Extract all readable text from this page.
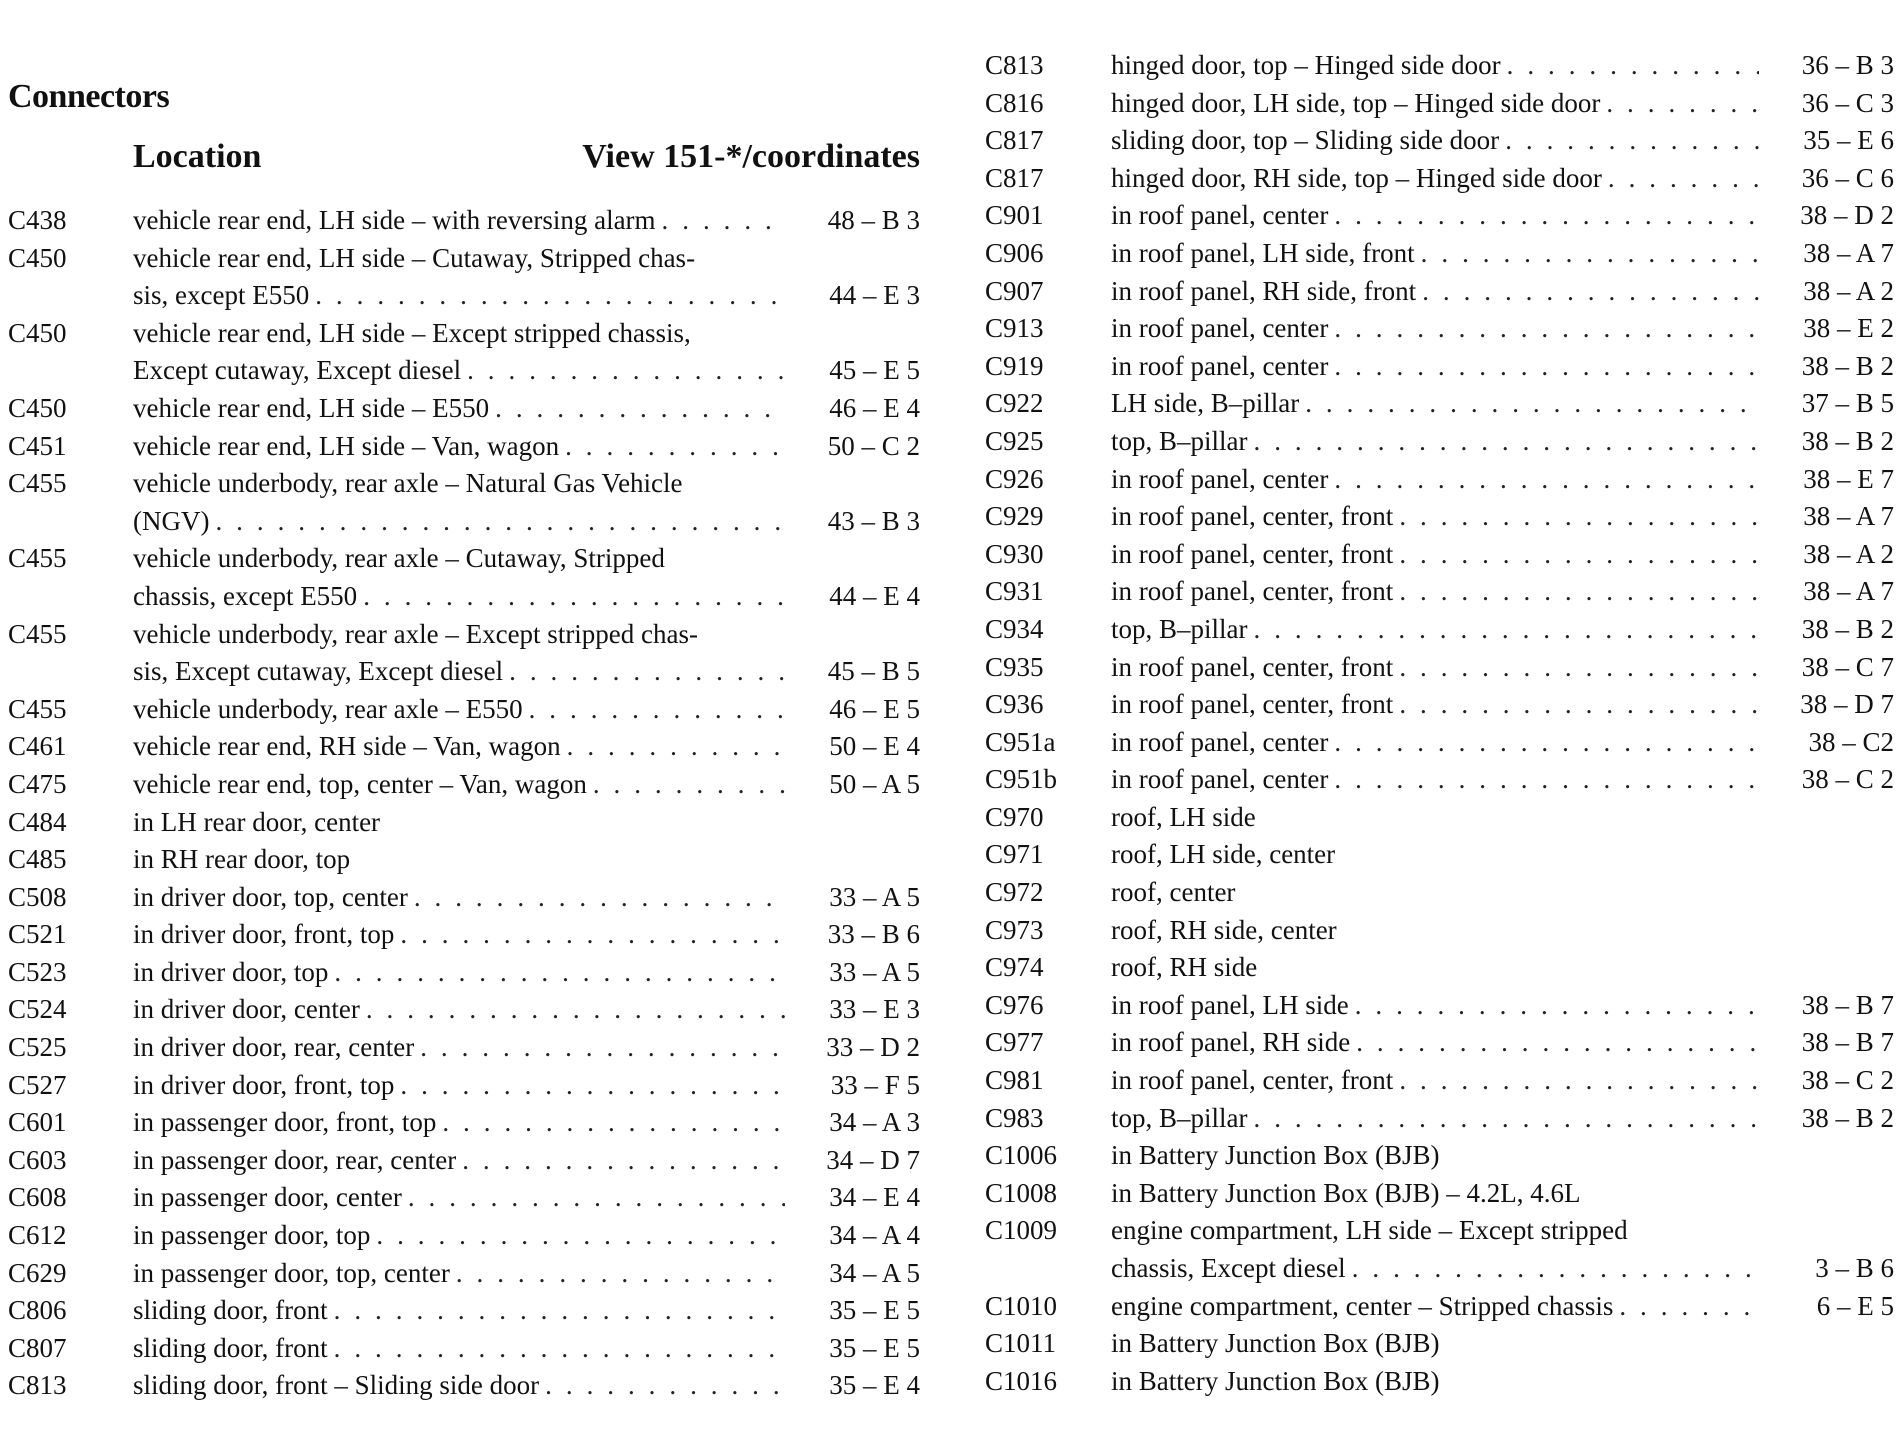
Connectors
Location	View 151-*/coordinates
C438 vehicle rear end, LH side – with reversing alarm . . .	48 – B 3
C450 vehicle rear end, LH side – Cutaway, Stripped chas-
sis, except E550 . . .	44 – E 3
C450 vehicle rear end, LH side – Except stripped chassis,
Except cutaway, Except diesel . . .	45 – E 5
C450 vehicle rear end, LH side – E550 . . .	46 – E 4
C451 vehicle rear end, LH side – Van, wagon . . .	50 – C 2
C455 vehicle underbody, rear axle – Natural Gas Vehicle
(NGV) . . .	43 – B 3
C455 vehicle underbody, rear axle – Cutaway, Stripped
chassis, except E550 . . .	44 – E 4
C455 vehicle underbody, rear axle – Except stripped chas-
sis, Except cutaway, Except diesel . . .	45 – B 5
C455 vehicle underbody, rear axle – E550 . . .	46 – E 5
C461 vehicle rear end, RH side – Van, wagon . . .	50 – E 4
C475 vehicle rear end, top, center – Van, wagon . . .	50 – A 5
C484 in LH rear door, center
C485 in RH rear door, top
C508 in driver door, top, center . . .	33 – A 5
C521 in driver door, front, top . . .	33 – B 6
C523 in driver door, top . . .	33 – A 5
C524 in driver door, center . . .	33 – E 3
C525 in driver door, rear, center . . .	33 – D 2
C527 in driver door, front, top . . .	33 – F 5
C601 in passenger door, front, top . . .	34 – A 3
C603 in passenger door, rear, center . . .	34 – D 7
C608 in passenger door, center . . .	34 – E 4
C612 in passenger door, top . . .	34 – A 4
C629 in passenger door, top, center . . .	34 – A 5
C806 sliding door, front . . .	35 – E 5
C807 sliding door, front . . .	35 – E 5
C813 sliding door, front – Sliding side door . . .	35 – E 4
C813 hinged door, top – Hinged side door . . .	36 – B 3
C816 hinged door, LH side, top – Hinged side door . . .	36 – C 3
C817 sliding door, top – Sliding side door . . .	35 – E 6
C817 hinged door, RH side, top – Hinged side door . . .	36 – C 6
C901 in roof panel, center . . .	38 – D 2
C906 in roof panel, LH side, front . . .	38 – A 7
C907 in roof panel, RH side, front . . .	38 – A 2
C913 in roof panel, center . . .	38 – E 2
C919 in roof panel, center . . .	38 – B 2
C922 LH side, B–pillar . . .	37 – B 5
C925 top, B–pillar . . .	38 – B 2
C926 in roof panel, center . . .	38 – E 7
C929 in roof panel, center, front . . .	38 – A 7
C930 in roof panel, center, front . . .	38 – A 2
C931 in roof panel, center, front . . .	38 – A 7
C934 top, B–pillar . . .	38 – B 2
C935 in roof panel, center, front . . .	38 – C 7
C936 in roof panel, center, front . . .	38 – D 7
C951a in roof panel, center . . .	38 – C2
C951b in roof panel, center . . .	38 – C 2
C970 roof, LH side
C971 roof, LH side, center
C972 roof, center
C973 roof, RH side, center
C974 roof, RH side
C976 in roof panel, LH side . . .	38 – B 7
C977 in roof panel, RH side . . .	38 – B 7
C981 in roof panel, center, front . . .	38 – C 2
C983 top, B–pillar . . .	38 – B 2
C1006 in Battery Junction Box (BJB)
C1008 in Battery Junction Box (BJB) – 4.2L, 4.6L
C1009 engine compartment, LH side – Except stripped
chassis, Except diesel . . .	3 – B 6
C1010 engine compartment, center – Stripped chassis . . .	6 – E 5
C1011 in Battery Junction Box (BJB)
C1016 in Battery Junction Box (BJB)
